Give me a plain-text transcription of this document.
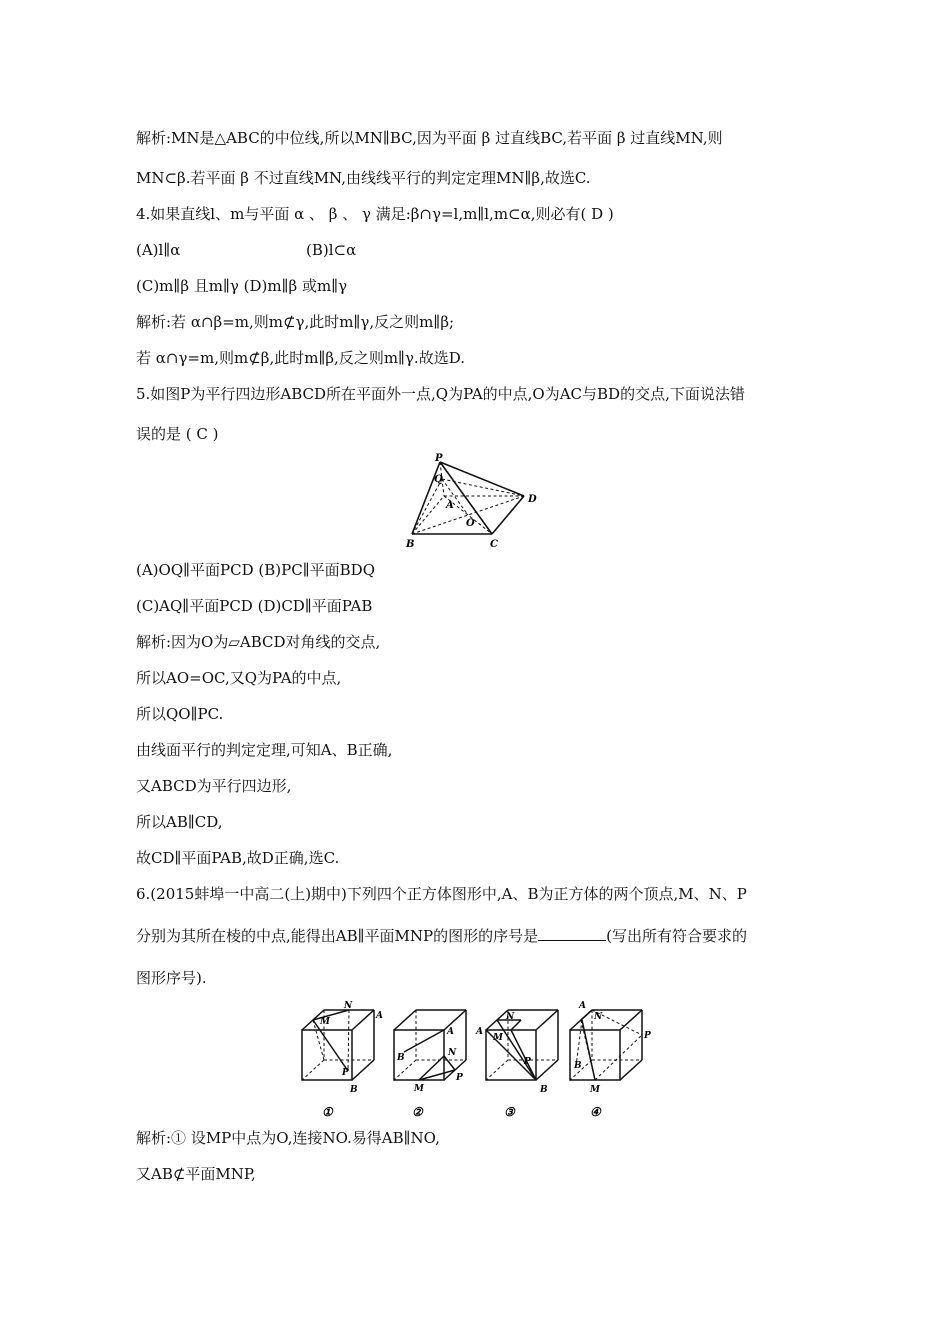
解析:MN是△ABC的中位线,所以MN∥BC,因为平面 β 过直线BC,若平面 β 过直线MN,则
MN⊂β.若平面 β 不过直线MN,由线线平行的判定定理MN∥β,故选C.
4.如果直线l、m与平面 α 、 β 、 γ 满足:β∩γ=l,m∥l,m⊂α,则必有( D )
(A)l∥α	(B)l⊂α
(C)m∥β 且m∥γ (D)m∥β 或m∥γ
解析:若 α∩β=m,则m⊄γ,此时m∥γ,反之则m∥β;
若 α∩γ=m,则m⊄β,此时m∥β,反之则m∥γ.故选D.
5.如图P为平行四边形ABCD所在平面外一点,Q为PA的中点,O为AC与BD的交点,下面说法错
误的是 ( C )
P
Q
A
D
O
B	C
(A)OQ∥平面PCD (B)PC∥平面BDQ
(C)AQ∥平面PCD (D)CD∥平面PAB
解析:因为O为▱ABCD对角线的交点,
所以AO=OC,又Q为PA的中点,
所以QO∥PC.
由线面平行的判定定理,可知A、B正确,
又ABCD为平行四边形,
所以AB∥CD,
故CD∥平面PAB,故D正确,选C.
6.(2015蚌埠一中高二(上)期中)下列四个正方体图形中,A、B为正方体的两个顶点,M、N、P
分别为其所在棱的中点,能得出AB∥平面MNP的图形的序号是	(写出所有符合要求的
图形序号).
N
M
A
P
B
①
A
B	N
M
P
②
A
N
M
P
B
③
A
N
B
P
M
④
解析:① 设MP中点为O,连接NO.易得AB∥NO,
又AB⊄平面MNP,
